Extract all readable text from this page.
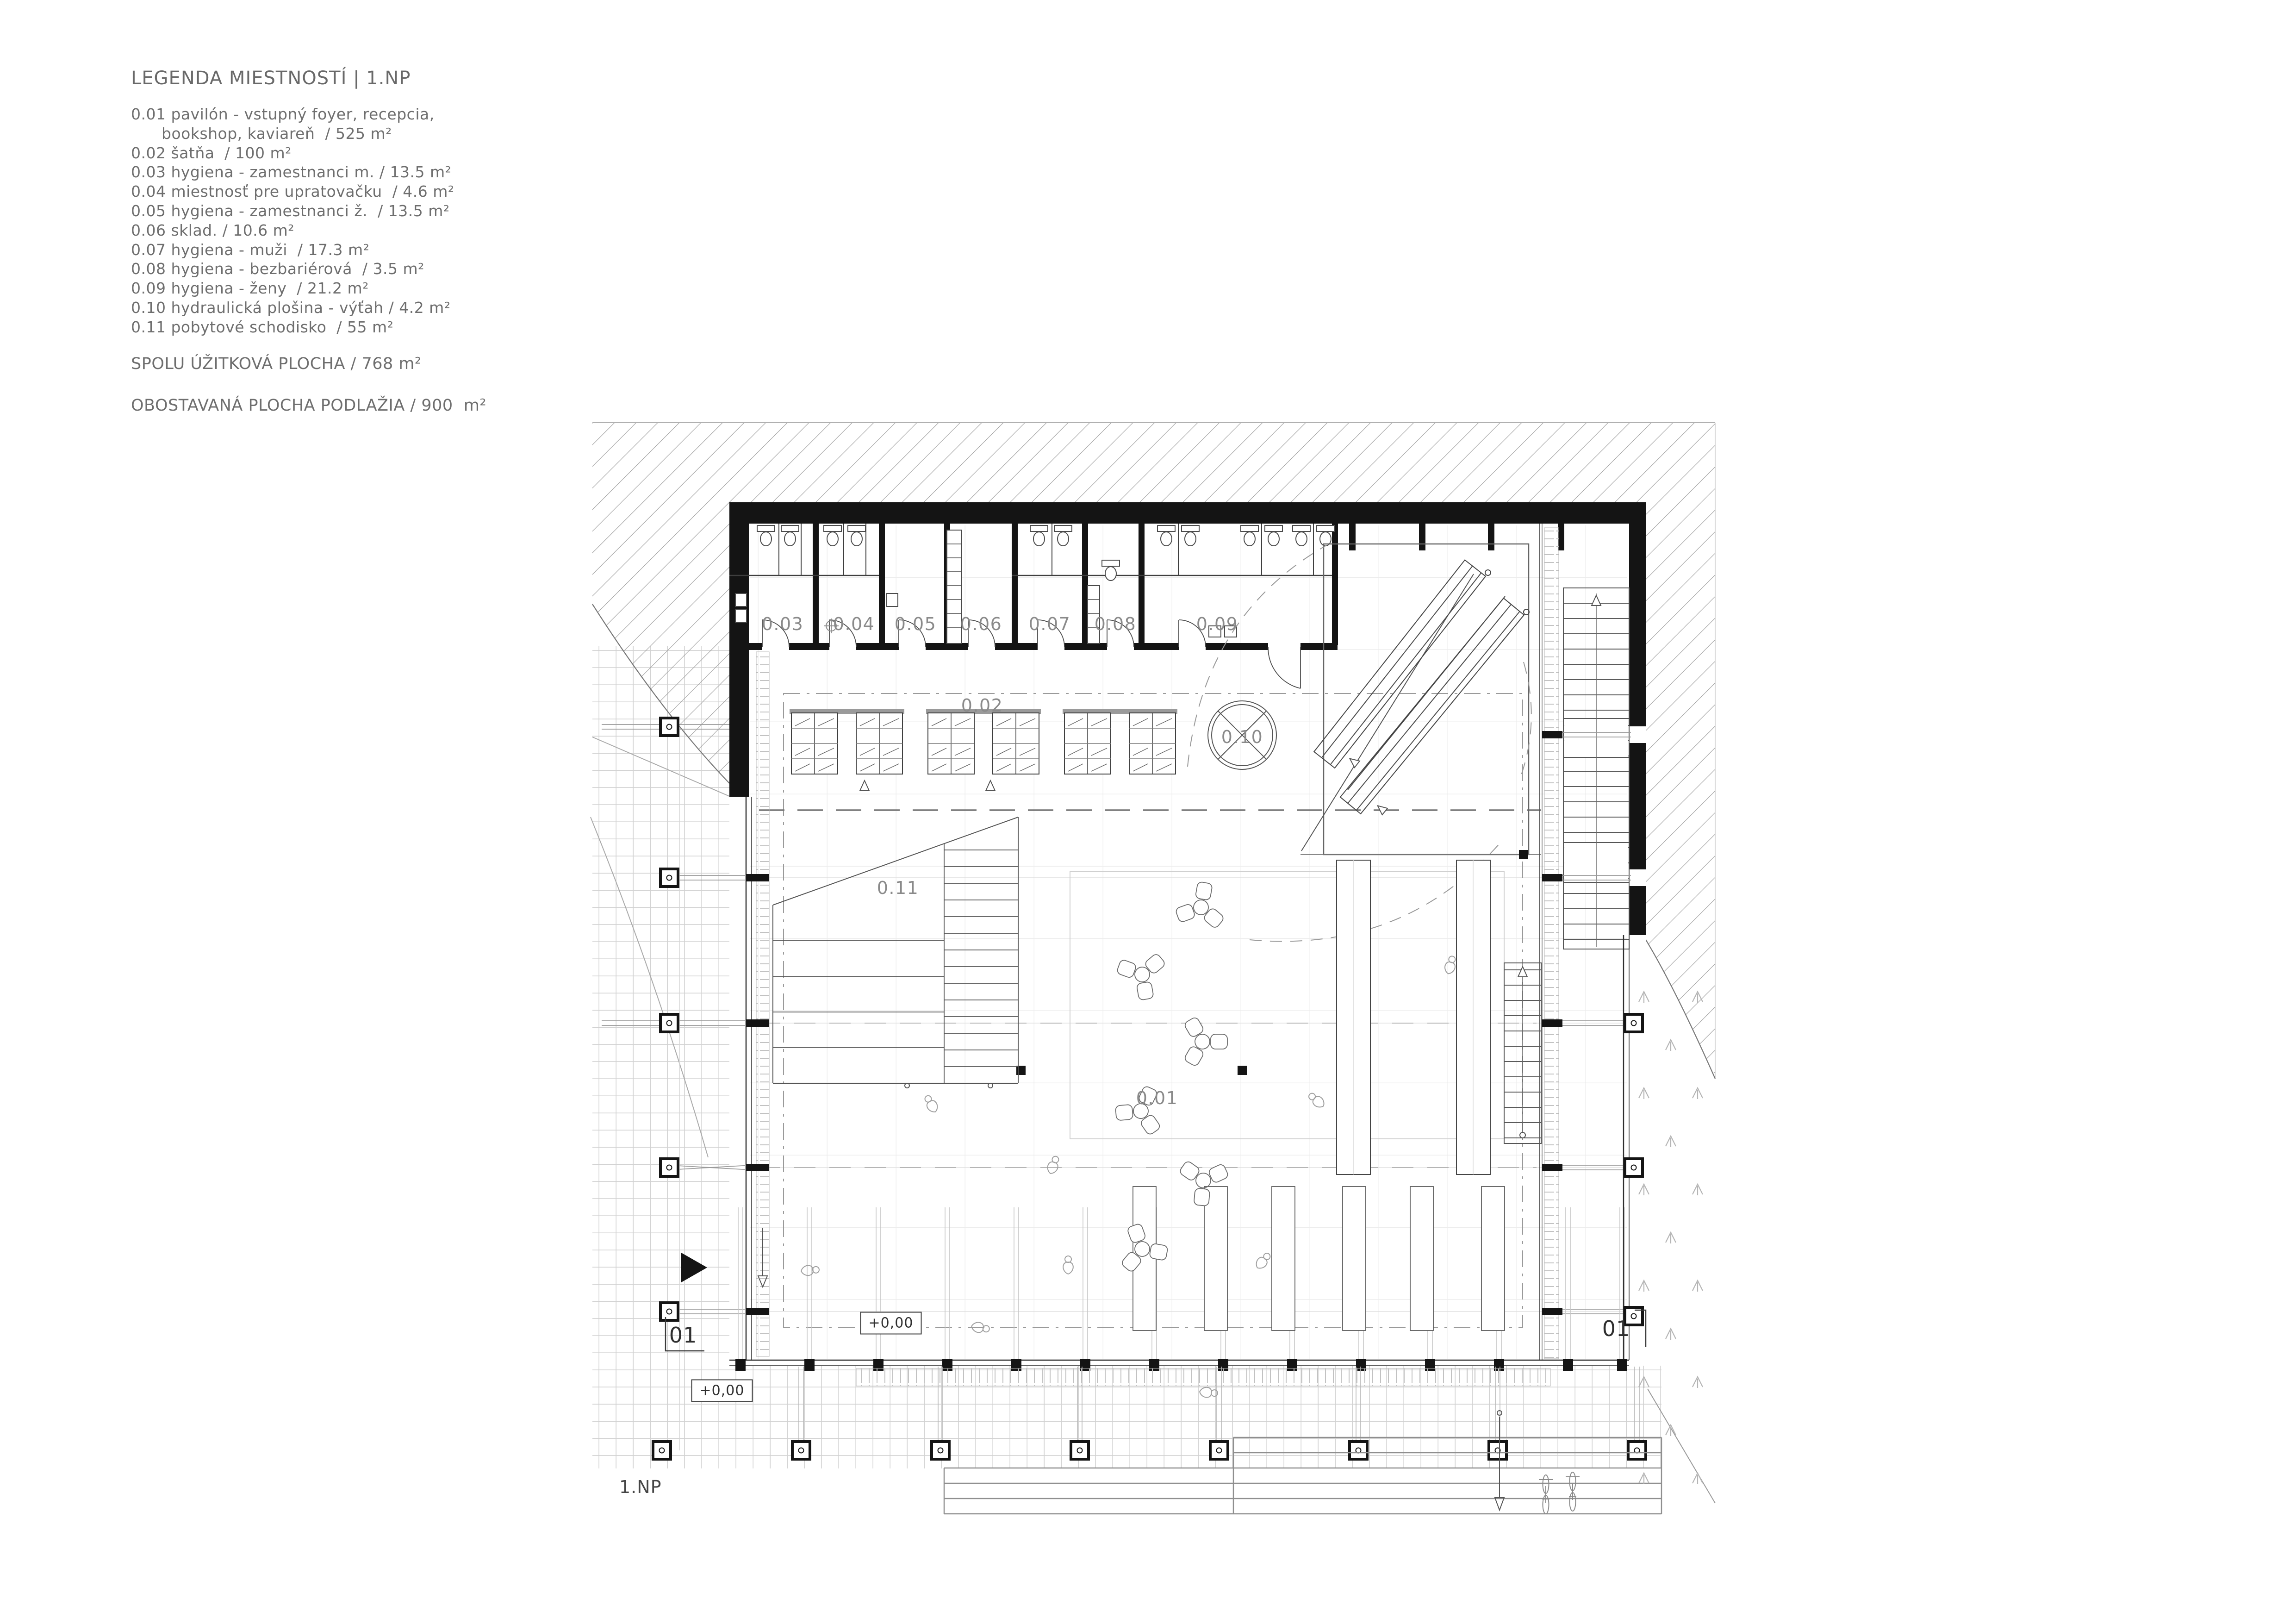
LEGENDA MIESTNOSTÍ | 1.NP
0.01 pavilón - vstupný foyer, recepcia,
bookshop, kaviareň  / 525 m²
0.02 šatňa  / 100 m²
0.03 hygiena - zamestnanci m. / 13.5 m²
0.04 miestnosť pre upratovačku  / 4.6 m²
0.05 hygiena - zamestnanci ž.  / 13.5 m²
0.06 sklad. / 10.6 m²
0.07 hygiena - muži  / 17.3 m²
0.08 hygiena - bezbariérová  / 3.5 m²
0.09 hygiena - ženy  / 21.2 m²
0.10 hydraulická plošina - výťah / 4.2 m²
0.11 pobytové schodisko  / 55 m²
SPOLU ÚŽITKOVÁ PLOCHA / 768 m²
OBOSTAVANÁ PLOCHA PODLAŽIA / 900  m²
0.01
0.02
0.03 0.04 0.05 0.06 0.07 0.08	0.09
0.10
0.11
+0,00
+0,00
01	01
1.NP
